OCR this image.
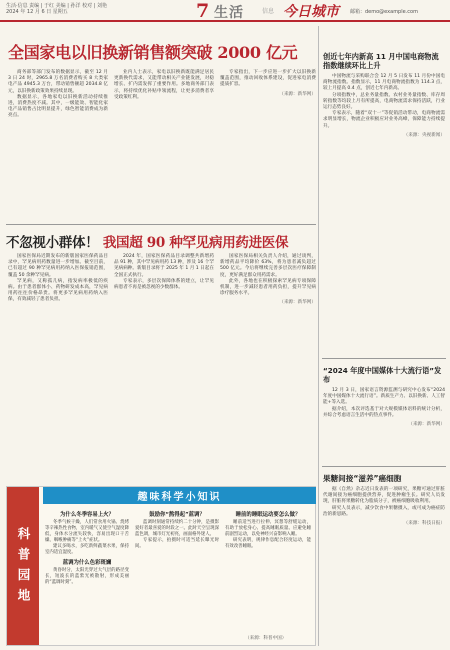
生活·信息 责编 | 于红 美编 | 孙洋 校对 | 刘艳
2024 年 12 月 6 日 星期五	7 生活	信息 今日城市 邮箱：demo@example.com
全国家电以旧换新销售额突破 2000 亿元

商务部等部门发布的数据显示，截至 12 月 3 日 24 时，2965.8 万名消费者购买 8 大类家电产品 4945.3 万台，带动销售额超 2034.8 亿元，以旧换新政策效果持续显现。

数据显示，各地家电以旧换新活动持续推进，消费热度不减。其中，一级能效、智能化家电产品销售占比明显提升，绿色智能消费成为新亮点。

业内人士表示，家电以旧换新既能满足居民更新换代需求，又能带动相关产业链发展，对稳增长、扩内需发挥了重要作用。多地商务部门表示，将持续优化补贴申领流程，让更多消费者享受政策红利。

专家指出，下一步应进一步扩大以旧换新覆盖范围，推动回收体系建设，促进家电消费提质扩容。

（来源：新华网）
不忽视小群体！ 我国超 90 种罕见病用药进医保

国家医保局近期发布的新版国家医保药品目录中，罕见病用药数量进一步增加。截至目前，已有超过 90 种罕见病用药纳入医保报销范围，覆盖 50 余种罕见病。

罕见病，又称孤儿病，指发病率极低的疾病。由于患者群体小、药物研发成本高，罕见病用药往往价格昂贵。将更多罕见病用药纳入医保，有效减轻了患者负担。

2024 年，国家医保药品目录调整共新增药品 91 种，其中罕见病用药 13 种，涉及 16 个罕见病病种。新版目录将于 2025 年 1 月 1 日起在全国正式执行。

专家表示，多层次保障体系的建立，让罕见病患者不再是被忽视的少数群体。

国家医保局相关负责人介绍，通过谈判，新增药品平均降价 63%，将为患者减负超过 500 亿元。今后将继续完善多层次医疗保障制度，更好满足群众用药需求。

此外，各地也在积极探索罕见病专项保障机制，进一步减轻患者用药负担，提升罕见病诊疗服务水平。

（来源：新华网）
创近七年内新高 11 月中国电商物流指数继续环比上升

中国物流与采购联合会 12 月 5 日发布 11 月份中国电商物流指数。指数显示，11 月电商物流指数为 114.3 点，较上月提高 0.4 点，创近七年内新高。

分项指数中，总业务量指数、农村业务量指数、库存周转指数等均较上月有所提高，电商物流需求保持活跃，行业运行态势良好。

专家表示，随着“双十一”等促销活动带动，电商物流需求明显增长，物流企业积极应对业务高峰，保障能力持续提升。

（来源：央视新闻）
“2024 年度中国媒体十大流行语”发布

12 月 3 日，国家语言资源监测与研究中心发布“2024 年度中国媒体十大流行语”。新质生产力、以旧换新、人工智能+等入选。

据介绍，本次评选基于对大规模媒体语料的统计分析，并综合考虑语言生活中的热点事件。

（来源：新华网）
果糖间接“滋养”癌细胞

据《自然》杂志近日发表的一项研究，果糖可通过肝脏代谢间接为癌细胞提供营养，促进肿瘤生长。研究人员发现，肝脏将果糖转化为脂质分子，被癌细胞吸收利用。

研究人员表示，减少饮食中果糖摄入，或可成为癌症防治的新思路。

（来源：科技日报）
科普园地
趣味科学小知识
为什么冬季容易上火？

冬季气候干燥，人们常食用火锅、烧烤等辛辣热性食物，室内暖气又使空气湿度降低，身体水分流失较快，容易出现口干舌燥、咽喉肿痛等“上火”症状。

建议多喝水，多吃新鲜蔬菜水果，保持室内适宜湿度。

蓝调为什么色彩斑斓

黄昏时分，太阳光穿过大气层的路径变长，短波长的蓝紫光被散射，形成美丽的“蓝调时刻”。

鼓励你“熬得起”蓝调？

蓝调时刻通常持续约二十分钟，是摄影爱好者最喜爱的时段之一。此时天空呈现深蓝色调，城市灯光初亮，画面格外迷人。

专家提示，拍摄时可适当延长曝光时间。

睡前的睡眠运动要怎么做？

睡前适当进行拉伸、冥想等舒缓运动，有助于放松身心、提高睡眠质量。应避免睡前剧烈运动，以免神经兴奋影响入睡。

研究表明，规律作息配合轻度运动，能有效改善睡眠。

（来源：科普中国）
